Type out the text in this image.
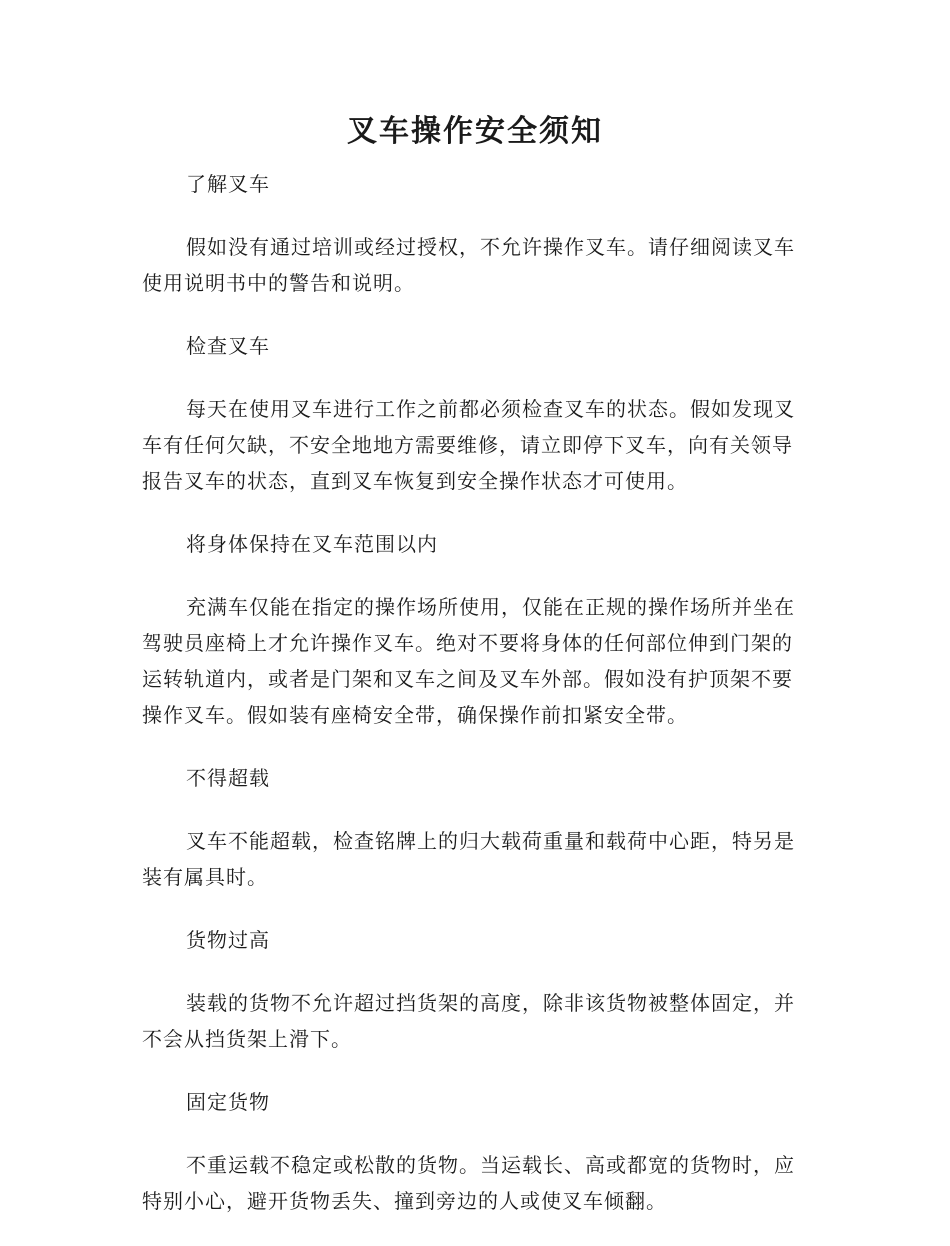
叉车操作安全须知

了解叉车

假如没有通过培训或经过授权，不允许操作叉车。请仔细阅读叉车使用说明书中的警告和说明。

检查叉车

每天在使用叉车进行工作之前都必须检查叉车的状态。假如发现叉车有任何欠缺，不安全地地方需要维修，请立即停下叉车，向有关领导报告叉车的状态，直到叉车恢复到安全操作状态才可使用。

将身体保持在叉车范围以内

充满车仅能在指定的操作场所使用，仅能在正规的操作场所并坐在驾驶员座椅上才允许操作叉车。绝对不要将身体的任何部位伸到门架的运转轨道内，或者是门架和叉车之间及叉车外部。假如没有护顶架不要操作叉车。假如装有座椅安全带，确保操作前扣紧安全带。

不得超载

叉车不能超载，检查铭牌上的归大载荷重量和载荷中心距，特另是装有属具时。

货物过高

装载的货物不允许超过挡货架的高度，除非该货物被整体固定，并不会从挡货架上滑下。

固定货物

不重运载不稳定或松散的货物。当运载长、高或都宽的货物时，应特别小心，避开货物丢失、撞到旁边的人或使叉车倾翻。
